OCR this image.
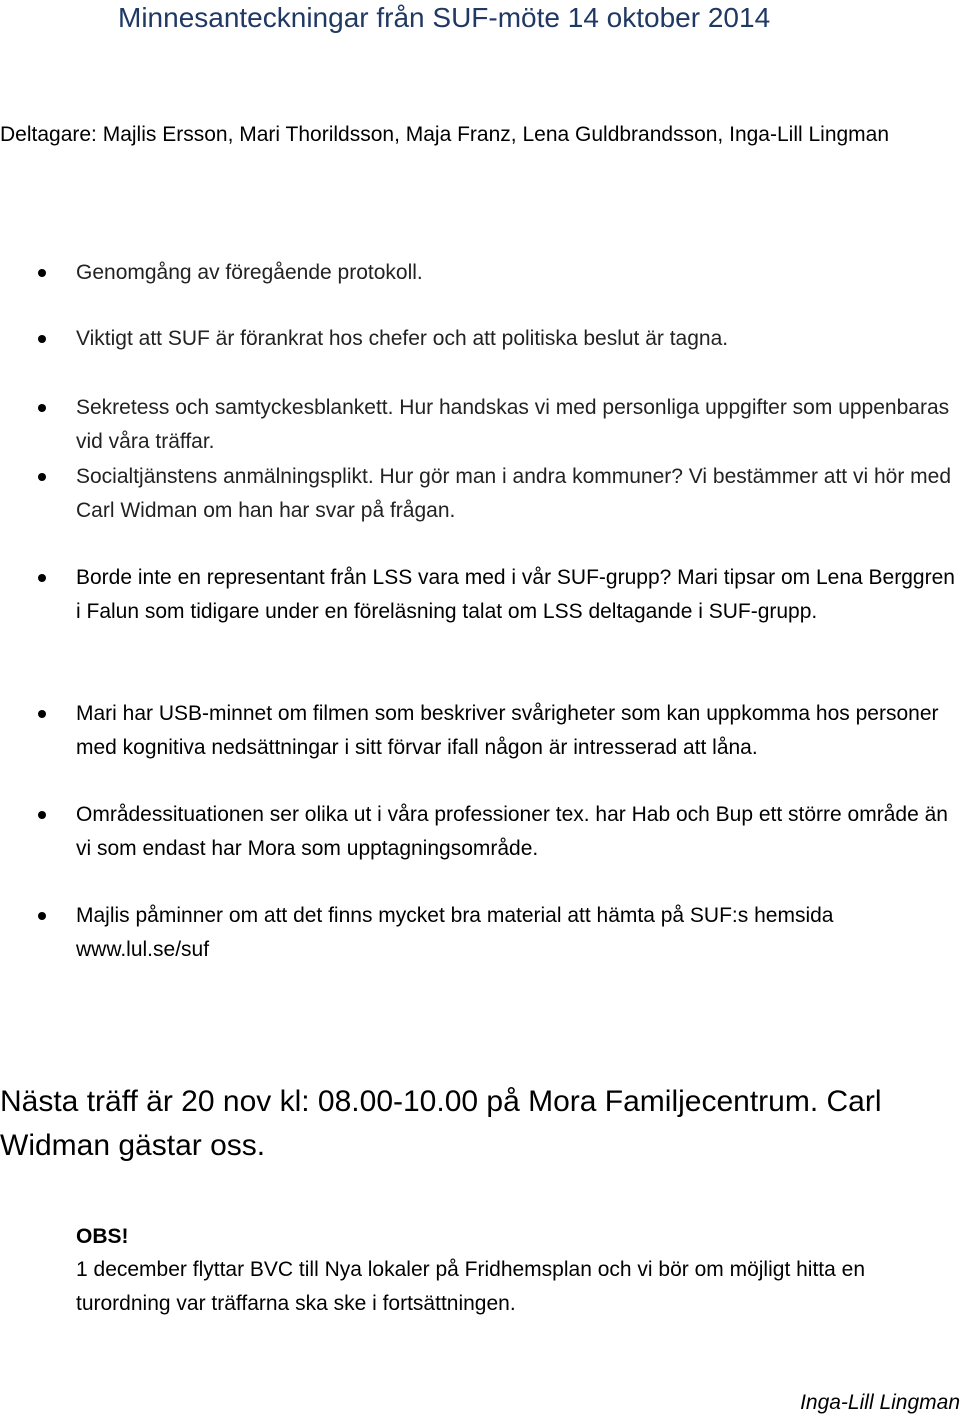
Minnesanteckningar från SUF-möte 14 oktober 2014
Deltagare: Majlis Ersson, Mari Thorildsson, Maja Franz, Lena Guldbrandsson, Inga-Lill Lingman
Genomgång av föregående protokoll.
Viktigt att SUF är förankrat hos chefer och att politiska beslut är tagna.
Sekretess och samtyckesblankett. Hur handskas vi med personliga uppgifter som uppenbaras vid våra träffar.
Socialtjänstens anmälningsplikt. Hur gör man i andra kommuner? Vi bestämmer att vi hör med Carl Widman om han har svar på frågan.
Borde inte en representant från LSS vara med i vår SUF-grupp? Mari tipsar om Lena Berggren i Falun som tidigare under en föreläsning talat om LSS deltagande i SUF-grupp.
Mari har USB-minnet om filmen som beskriver svårigheter som kan uppkomma hos personer med kognitiva nedsättningar i sitt förvar ifall någon är intresserad att låna.
Områdessituationen ser olika ut i våra professioner tex. har Hab och Bup ett större område än vi som endast har Mora som upptagningsområde.
Majlis påminner om att det finns mycket bra material att hämta på SUF:s hemsida www.lul.se/suf
Nästa träff är 20 nov kl: 08.00-10.00 på Mora Familjecentrum. Carl Widman gästar oss.
OBS!
1 december flyttar BVC till Nya lokaler på Fridhemsplan och vi bör om möjligt hitta en turordning var träffarna ska ske i fortsättningen.
Inga-Lill Lingman
